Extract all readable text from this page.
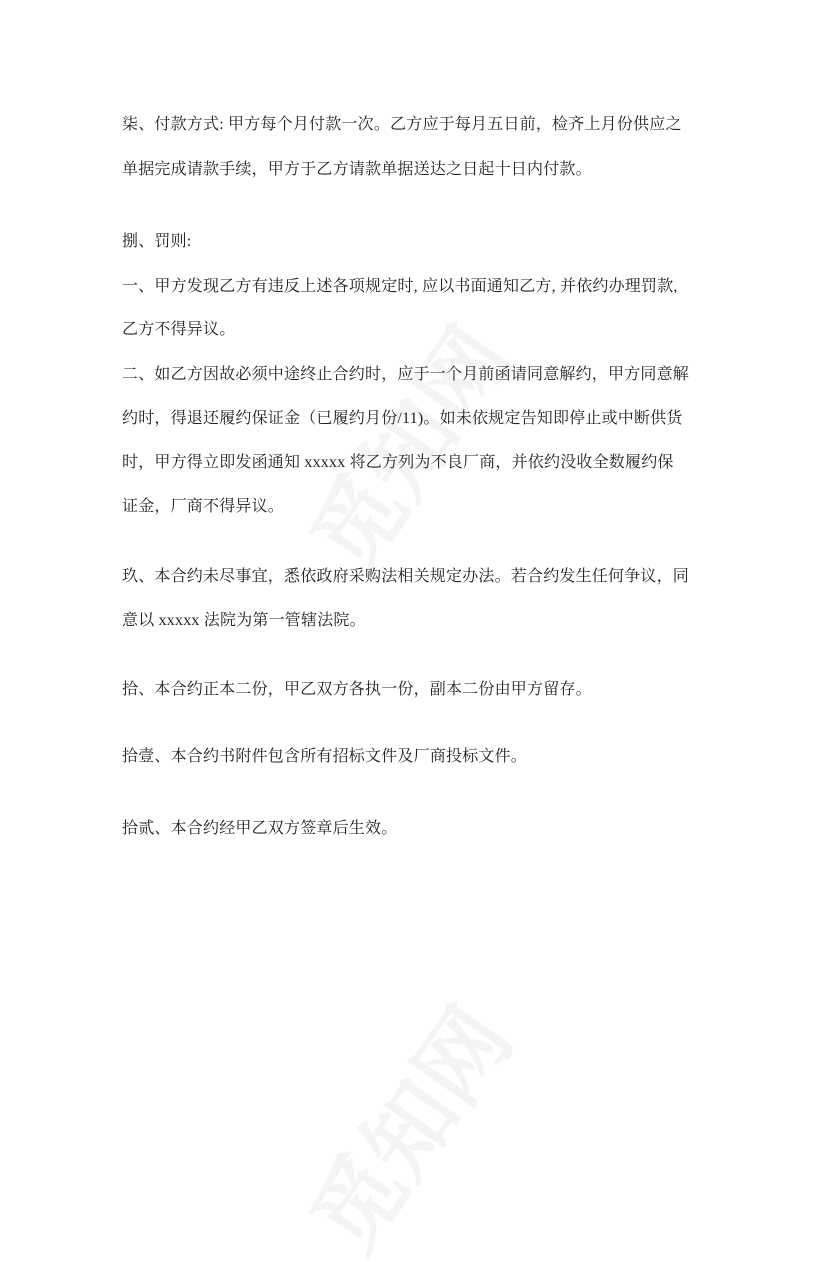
柒、付款方式: 甲方每个月付款一次。乙方应于每月五日前，检齐上月份供应之
单据完成请款手续，甲方于乙方请款单据送达之日起十日内付款。
捌、罚则:
一、甲方发现乙方有违反上述各项规定时, 应以书面通知乙方, 并依约办理罚款,
乙方不得异议。
二、如乙方因故必须中途终止合约时，应于一个月前函请同意解约，甲方同意解
约时，得退还履约保证金（已履约月份/11)。如未依规定告知即停止或中断供货
时，甲方得立即发函通知 xxxxx 将乙方列为不良厂商，并依约没收全数履约保
证金，厂商不得异议。
玖、本合约未尽事宜，悉依政府采购法相关规定办法。若合约发生任何争议，同
意以 xxxxx 法院为第一管辖法院。
拾、本合约正本二份，甲乙双方各执一份，副本二份由甲方留存。
拾壹、本合约书附件包含所有招标文件及厂商投标文件。
拾贰、本合约经甲乙双方签章后生效。
